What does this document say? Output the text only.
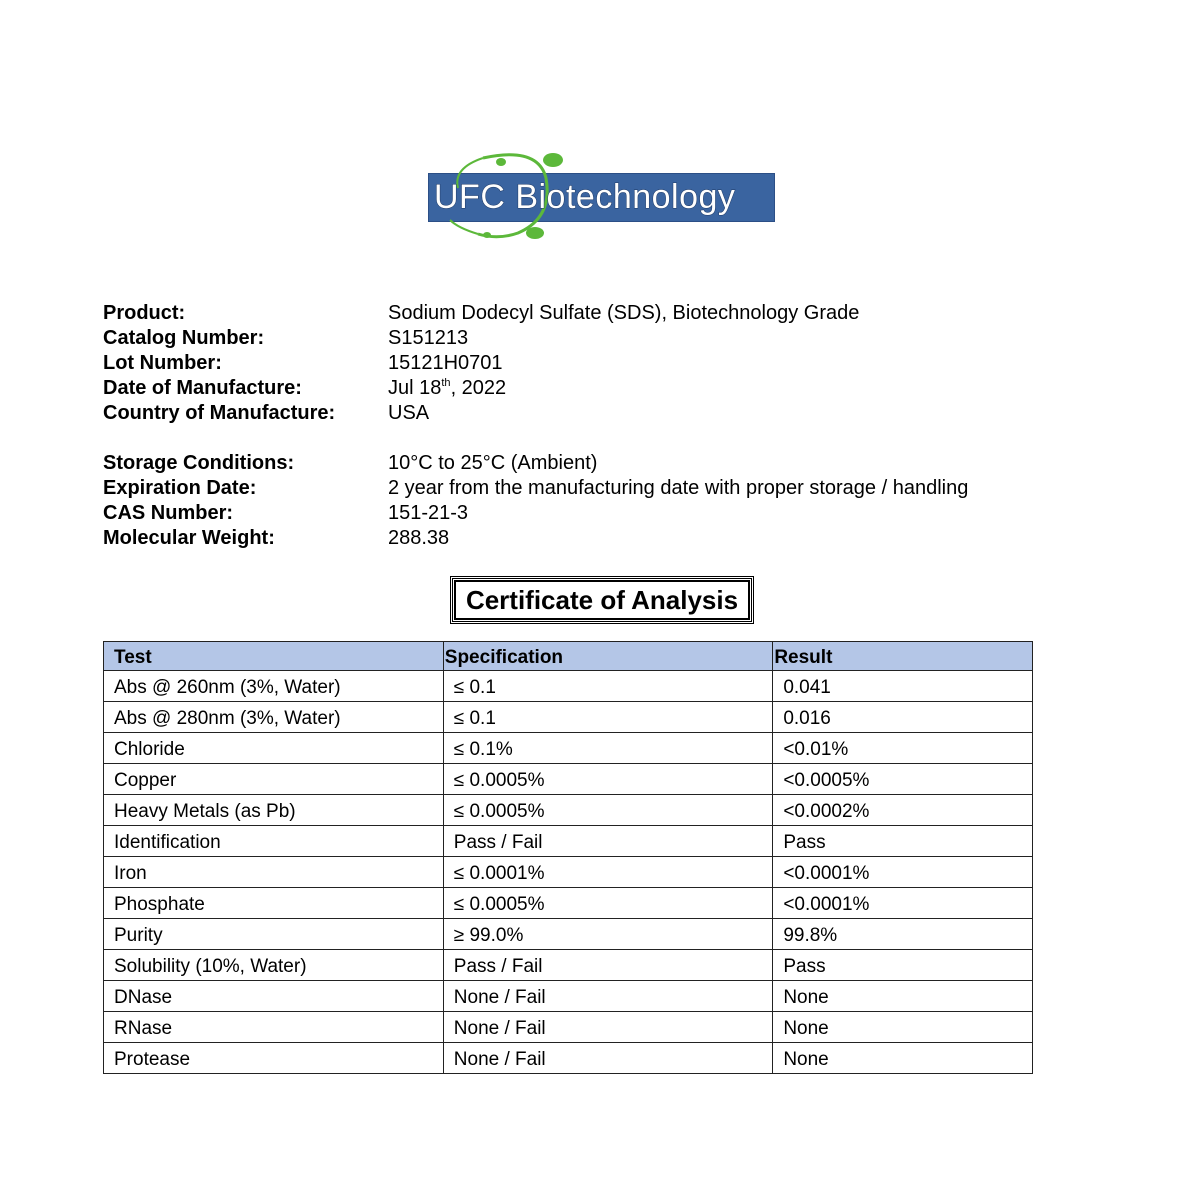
UFC Biotechnology
Product:	Sodium Dodecyl Sulfate (SDS), Biotechnology Grade
Catalog Number:	S151213
Lot Number:	15121H0701
Date of Manufacture:	Jul 18th, 2022
Country of Manufacture:	USA
Storage Conditions:	10°C to 25°C (Ambient)
Expiration Date:	2 year from the manufacturing date with proper storage / handling
CAS Number:	151-21-3
Molecular Weight:	288.38
Certificate of Analysis
Test	Specification	Result
Abs @ 260nm (3%, Water)	≤ 0.1	0.041
Abs @ 280nm (3%, Water)	≤ 0.1	0.016
Chloride	≤ 0.1%	<0.01%
Copper	≤ 0.0005%	<0.0005%
Heavy Metals (as Pb)	≤ 0.0005%	<0.0002%
Identification	Pass / Fail	Pass
Iron	≤ 0.0001%	<0.0001%
Phosphate	≤ 0.0005%	<0.0001%
Purity	≥ 99.0%	99.8%
Solubility (10%, Water)	Pass / Fail	Pass
DNase	None / Fail	None
RNase	None / Fail	None
Protease	None / Fail	None
